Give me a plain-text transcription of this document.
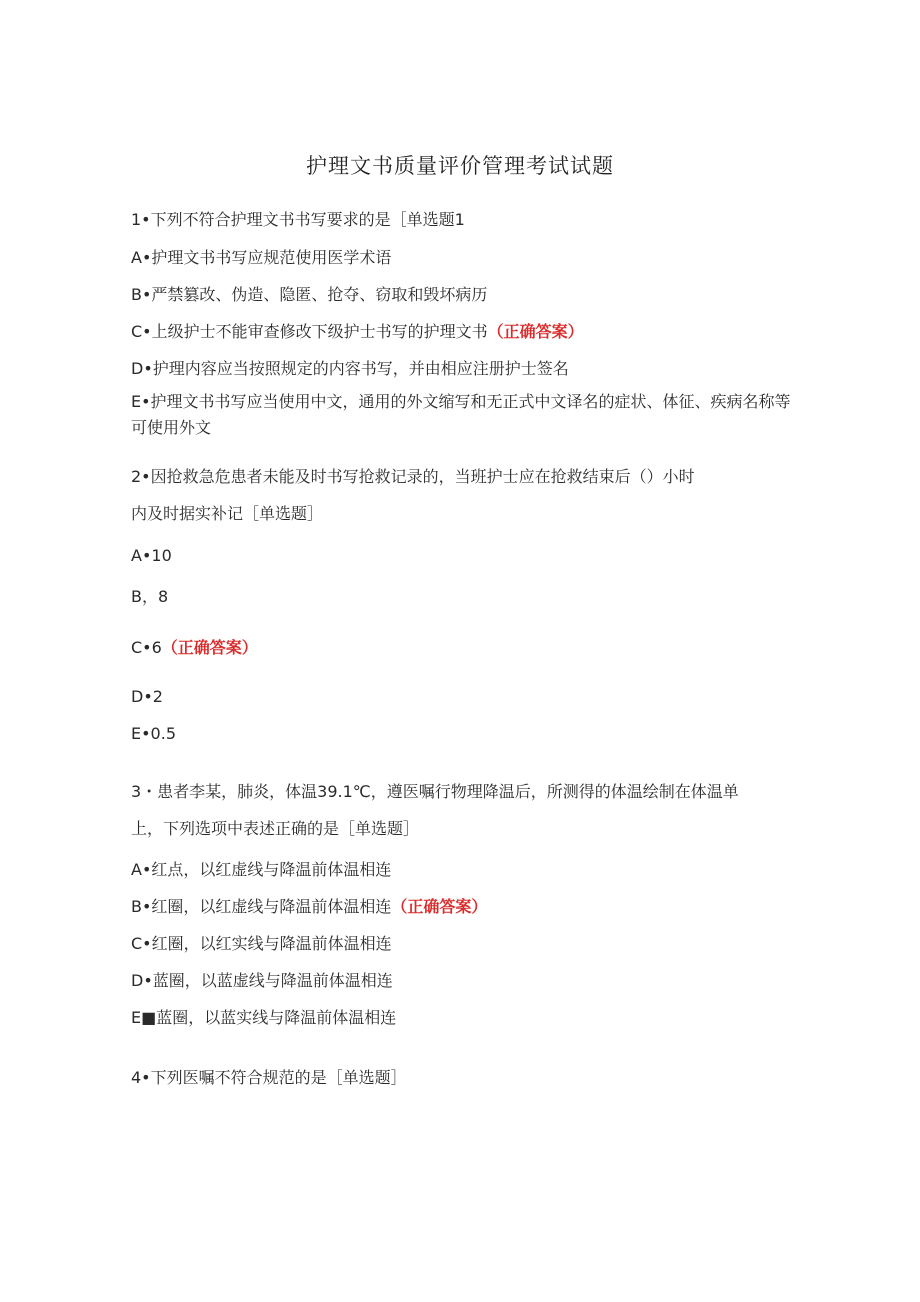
护理文书质量评价管理考试试题
1•下列不符合护理文书书写要求的是［单选题1
A•护理文书书写应规范使用医学术语
B•严禁篡改、伪造、隐匿、抢夺、窃取和毁坏病历
C•上级护士不能审查修改下级护士书写的护理文书（正确答案）
D•护理内容应当按照规定的内容书写，并由相应注册护士签名
E•护理文书书写应当使用中文，通用的外文缩写和无正式中文译名的症状、体征、疾病名称等可使用外文
2•因抢救急危患者未能及时书写抢救记录的，当班护士应在抢救结束后（）小时
内及时据实补记［单选题］
A•10
B，8
C•6（正确答案）
D•2
E•0.5
3・患者李某，肺炎，体温39.1℃，遵医嘱行物理降温后，所测得的体温绘制在体温单
上，下列选项中表述正确的是［单选题］
A•红点，以红虚线与降温前体温相连
B•红圈，以红虚线与降温前体温相连（正确答案）
C•红圈，以红实线与降温前体温相连
D•蓝圈，以蓝虚线与降温前体温相连
E■蓝圈，以蓝实线与降温前体温相连
4•下列医嘱不符合规范的是［单选题］
